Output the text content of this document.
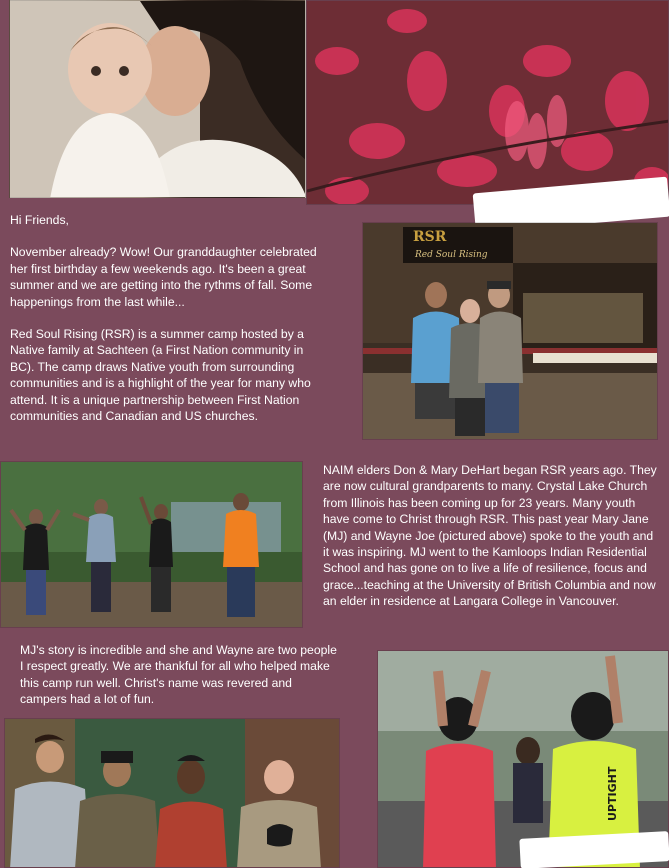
Hi Friends,

November already? Wow! Our granddaughter celebrated her first birthday a few weekends ago. It's been a great summer and we are getting into the rythms of fall. Some happenings from the last while...

Red Soul Rising (RSR) is a summer camp hosted by a Native family at Sachteen (a First Nation community in BC). The camp draws Native youth from surrounding communities and is a highlight of the year for many who attend. It is a unique partnership between First Nation communities and Canadian and US churches.

RSR
Red Soul Rising

NAIM elders Don & Mary DeHart began RSR years ago. They are now cultural grandparents to many. Crystal Lake Church from Illinois has been coming up for 23 years. Many youth have come to Christ through RSR. This past year Mary Jane (MJ) and Wayne Joe (pictured above) spoke to the youth and it was inspiring. MJ went to the Kamloops Indian Residential School and has gone on to live a life of resilience, focus and grace...teaching at the University of British Columbia and now an elder in residence at Langara College in Vancouver.

MJ's story is incredible and she and Wayne are two people I respect greatly. We are thankful for all who helped make this camp run well. Christ's name was revered and campers had a lot of fun.

UPTIGHT
